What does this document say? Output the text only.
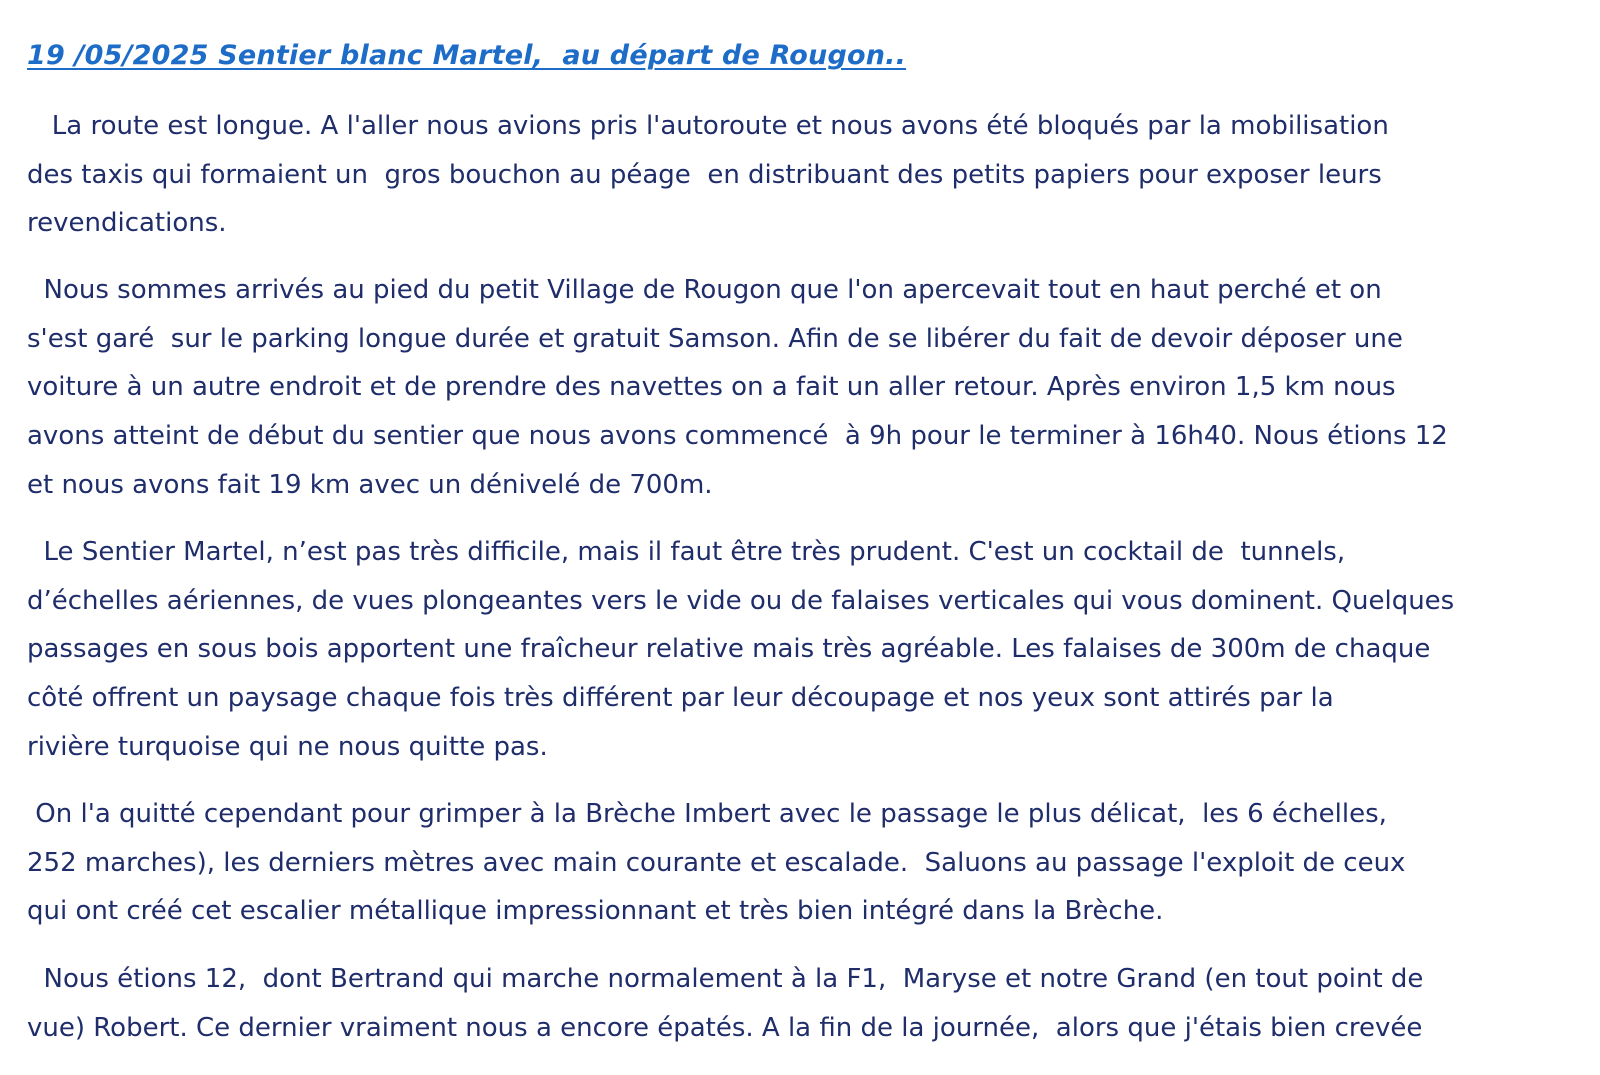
19 /05/2025 Sentier blanc Martel,  au départ de Rougon..
La route est longue. A l'aller nous avions pris l'autoroute et nous avons été bloqués par la mobilisation
des taxis qui formaient un  gros bouchon au péage  en distribuant des petits papiers pour exposer leurs
revendications.
Nous sommes arrivés au pied du petit Village de Rougon que l'on apercevait tout en haut perché et on
s'est garé  sur le parking longue durée et gratuit Samson. Afin de se libérer du fait de devoir déposer une
voiture à un autre endroit et de prendre des navettes on a fait un aller retour. Après environ 1,5 km nous
avons atteint de début du sentier que nous avons commencé  à 9h pour le terminer à 16h40. Nous étions 12
et nous avons fait 19 km avec un dénivelé de 700m.
Le Sentier Martel, n’est pas très difficile, mais il faut être très prudent. C'est un cocktail de  tunnels,
d’échelles aériennes, de vues plongeantes vers le vide ou de falaises verticales qui vous dominent. Quelques
passages en sous bois apportent une fraîcheur relative mais très agréable. Les falaises de 300m de chaque
côté offrent un paysage chaque fois très différent par leur découpage et nos yeux sont attirés par la
rivière turquoise qui ne nous quitte pas.
On l'a quitté cependant pour grimper à la Brèche Imbert avec le passage le plus délicat,  les 6 échelles,
252 marches), les derniers mètres avec main courante et escalade.  Saluons au passage l'exploit de ceux
qui ont créé cet escalier métallique impressionnant et très bien intégré dans la Brèche.
Nous étions 12,  dont Bertrand qui marche normalement à la F1,  Maryse et notre Grand (en tout point de
vue) Robert. Ce dernier vraiment nous a encore épatés. A la fin de la journée,  alors que j'étais bien crevée
